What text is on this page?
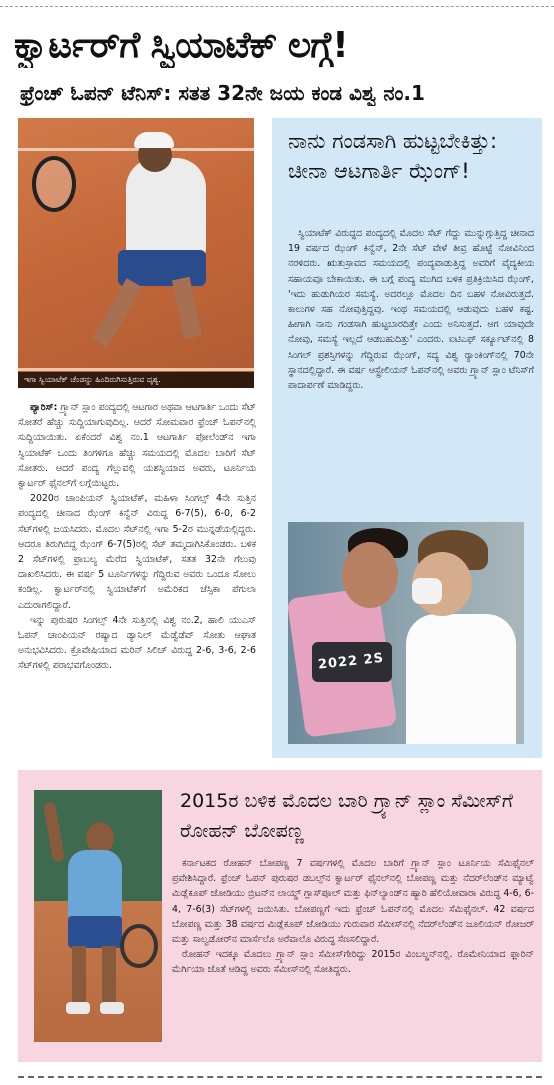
ಕ್ವಾರ್ಟರ್‌ಗೆ ಸ್ವಿಯಾಟೆಕ್ ಲಗ್ಗೆ!
ಫ್ರೆಂಚ್ ಓಪನ್ ಟೆನಿಸ್: ಸತತ 32ನೇ ಜಯ ಕಂಡ ವಿಶ್ವ ನಂ.1
ಇಗಾ ಸ್ವಿಯಾಟೆಕ್ ಚೆಂಡನ್ನು ಹಿಂದಿರುಗಿಸುತ್ತಿರುವ ದೃಶ್ಯ.

ಪ್ಯಾರಿಸ್: ಗ್ರ್ಯಾನ್ ಸ್ಲಾಂ ಪಂದ್ಯದಲ್ಲಿ ಆಟಗಾರ ಅಥವಾ ಆಟಗಾರ್ತಿ ಒಂದು ಸೆಟ್ ಸೋತರೆ ಹೆಚ್ಚು ಸುದ್ದಿಯಾಗುವುದಿಲ್ಲ. ಆದರೆ ಸೋಮವಾರ ಫ್ರೆಂಚ್ ಓಪನ್‌ನಲ್ಲಿ ಸುದ್ದಿಯಾಯಿತು. ಏಕೆಂದರೆ ವಿಶ್ವ ನಂ.1 ಆಟಗಾರ್ತಿ ಪೋಲೆಂಡ್‌ನ ಇಗಾ ಸ್ವಿಯಾಟೆಕ್ ಒಂದು ತಿಂಗಳಿಗೂ ಹೆಚ್ಚು ಸಮಯದಲ್ಲಿ ಮೊದಲ ಬಾರಿಗೆ ಸೆಟ್ ಸೋತರು. ಆದರೆ ಪಂದ್ಯ ಗೆಲ್ಲುವಲ್ಲಿ ಯಶಸ್ವಿಯಾದ ಅವರು, ಟೂರ್ನಿಯ ಕ್ವಾರ್ಟರ್ ಫೈನಲ್‌ಗೆ ಲಗ್ಗೆಯಿಟ್ಟರು.

2020ರ ಚಾಂಪಿಯನ್ ಸ್ವಿಯಾಟೆಕ್, ಮಹಿಳಾ ಸಿಂಗಲ್ಸ್ 4ನೇ ಸುತ್ತಿನ ಪಂದ್ಯದಲ್ಲಿ ಚೀನಾದ ಝೆಂಗ್ ಕಿನ್ವೆನ್ ವಿರುದ್ಧ 6-7(5), 6-0, 6-2 ಸೆಟ್‌ಗಳಲ್ಲಿ ಜಯಸಿದರು. ಮೊದಲ ಸೆಟ್‌ನಲ್ಲಿ ಇಗಾ 5-2ರ ಮುನ್ನಡೆಯಲ್ಲಿದ್ದರು. ಆದರೂ ತಿರುಗಿಬಿದ್ದ ಝೆಂಗ್ 6-7(5)ರಲ್ಲಿ ಸೆಟ್ ತಮ್ಮದಾಗಿಸಿಕೊಂಡರು. ಬಳಿಕ 2 ಸೆಟ್‌ಗಳಲ್ಲಿ ಪ್ರಾಬಲ್ಯ ಮೆರೆದ ಸ್ವಿಯಾಟೆಕ್, ಸತತ 32ನೇ ಗೆಲುವು ದಾಖಲಿಸಿದರು. ಈ ವರ್ಷ 5 ಟೂರ್ನಿಗಳನ್ನು ಗೆದ್ದಿರುವ ಅವರು ಒಂದೂ ಸೋಲು ಕಂಡಿಲ್ಲ. ಕ್ವಾರ್ಟರ್‌ನಲ್ಲಿ ಸ್ವಿಯಾಟೆಕ್‌ಗೆ ಅಮೆರಿಕದ ಜೆಸ್ಸಿಕಾ ಪೆಗುಲಾ ಎದುರಾಗಲಿದ್ದಾರೆ.

ಇನ್ನು ಪುರುಷರ ಸಿಂಗಲ್ಸ್ 4ನೇ ಸುತ್ತಿನಲ್ಲಿ ವಿಶ್ವ ನಂ.2, ಹಾಲಿ ಯುಎಸ್ ಓಪನ್ ಚಾಂಪಿಯನ್ ರಷ್ಯಾದ ಡ್ಯಾನಿಲ್ ಮೆಡ್ವೆಡೆವ್ ಸೋತು ಆಘಾತ ಅನುಭವಿಸಿದರು. ಕ್ರೊವೇಷಿಯಾದ ಮರಿನ್ ಸಿಲಿಚ್ ವಿರುದ್ಧ 2-6, 3-6, 2-6 ಸೆಟ್‌ಗಳಲ್ಲಿ ಪರಾಭವಗೊಂಡರು.

ನಾನು ಗಂಡಸಾಗಿ ಹುಟ್ಟಬೇಕಿತ್ತು: ಚೀನಾ ಆಟಗಾರ್ತಿ ಝೆಂಗ್!

ಸ್ವಿಯಾಟೆಕ್ ವಿರುದ್ಧದ ಪಂದ್ಯದಲ್ಲಿ ಮೊದಲ ಸೆಟ್ ಗೆದ್ದು ಮುನ್ನುಗ್ಗುತ್ತಿದ್ದ ಚೀನಾದ 19 ವರ್ಷದ ಝೆಂಗ್ ಕಿನ್ವೆನ್, 2ನೇ ಸೆಟ್ ವೇಳೆ ತೀವ್ರ ಹೊಟ್ಟೆ ನೋವಿನಿಂದ ನರಳಿದರು. ಋತುಸ್ರಾವದ ಸಮಯದಲ್ಲಿ ಪಂದ್ಯವಾಡುತ್ತಿದ್ದ ಅವರಿಗೆ ವೈದ್ಯಕೀಯ ಸಹಾಯವೂ ಬೇಕಾಯಿತು. ಈ ಬಗ್ಗೆ ಪಂದ್ಯ ಮುಗಿದ ಬಳಿಕ ಪ್ರತಿಕ್ರಿಯಿಸಿದ ಝೆಂಗ್, 'ಇದು ಹುಡುಗಿಯರ ಸಮಸ್ಯೆ. ಅದರಲ್ಲೂ ಮೊದಲ ದಿನ ಬಹಳ ನೋವಿರುತ್ತದೆ. ಕಾಲುಗಳ ಸಹ ನೋವುತ್ತಿದ್ದವು. ಇಂಥ ಸಮಯದಲ್ಲಿ ಆಡುವುದು ಬಹಳ ಕಷ್ಟ. ಹೀಗಾಗಿ ನಾನು ಗಂಡಸಾಗಿ ಹುಟ್ಟಬಾರದಿತ್ತೇ ಎಂದು ಅನಿಸುತ್ತದೆ. ಆಗ ಯಾವುದೇ ನೋವು, ಸಮಸ್ಯೆ ಇಲ್ಲದೆ ಆಡಬಹುದಿತ್ತು' ಎಂದರು. ಐಟಿಎಫ್ ಸರ್ಕ್ಯೂಟ್‌ನಲ್ಲಿ 8 ಸಿಂಗಲ್ ಪ್ರಶಸ್ತಿಗಳನ್ನು ಗೆದ್ದಿರುವ ಝೆಂಗ್, ಸದ್ಯ ವಿಶ್ವ ರ್‍ಯಾಂಕಿಂಗ್‌ನಲ್ಲಿ 70ನೇ ಸ್ಥಾನದಲ್ಲಿದ್ದಾರೆ. ಈ ವರ್ಷ ಆಸ್ಟ್ರೇಲಿಯನ್ ಓಪನ್‌ನಲ್ಲಿ ಅವರು ಗ್ರ್ಯಾನ್ ಸ್ಲಾಂ ಟೆನಿಸ್‌ಗೆ ಪಾದಾರ್ಪಣೆ ಮಾಡಿದ್ದರು.

2022 2S
2015ರ ಬಳಿಕ ಮೊದಲ ಬಾರಿ ಗ್ರ್ಯಾನ್ ಸ್ಲಾಂ ಸೆಮೀಸ್‌ಗೆ ರೋಹನ್ ಬೋಪಣ್ಣ

ಕರ್ನಾಟಕದ ರೋಹನ್ ಬೋಪಣ್ಣ 7 ವರ್ಷಗಳಲ್ಲಿ ಮೊದಲ ಬಾರಿಗೆ ಗ್ರ್ಯಾನ್ ಸ್ಲಾಂ ಟೂರ್ನಿಯ ಸೆಮಿಫೈನಲ್ ಪ್ರವೇಶಿಸಿದ್ದಾರೆ. ಫ್ರೆಂಚ್ ಓಪನ್ ಪುರುಷರ ಡಬಲ್ಸ್‌ನ ಕ್ವಾರ್ಟರ್ ಫೈನಲ್‌ನಲ್ಲಿ ಬೋಪಣ್ಣ ಮತ್ತು ನೆದರ್‌ಲೆಂಡ್‌ನ ಮ್ಯಾಟ್ವೆ ಮಿಡ್ಲೆಕೂಪ್ ಜೋಡಿಯು ಬ್ರಿಟನ್‌ನ ಲಾಯ್ಡ್ ಗ್ಲಾಸ್‌ಪೂಲ್ ಮತ್ತು ಫಿನ್‌ಲ್ಯಾಂಡ್‌ನ ಹ್ಯಾರಿ ಹೆಲಿಯೋವಾರಾ ವಿರುದ್ಧ 4-6, 6-4, 7-6(3) ಸೆಟ್‌ಗಳಲ್ಲಿ ಜಯಿಸಿತು. ಬೋಪಣ್ಣಗೆ ಇದು ಫ್ರೆಂಚ್ ಓಪನ್‌ನಲ್ಲಿ ಮೊದಲ ಸೆಮಿಫೈನಲ್. 42 ವರ್ಷದ ಬೋಪಣ್ಣ ಮತ್ತು 38 ವರ್ಷದ ಮಿಡ್ಲೆಕೂಪ್ ಜೋಡಿಯು ಗುರುವಾರ ಸೆಮೀಸ್‌ನಲ್ಲಿ ನೆದರ್‌ಲೆಂಡ್‌ನ ಜೂಲಿಯನ್ ರೋಜರ್ ಮತ್ತು ಸಾಲ್ವಡೋರ್‌ನ ಮಾರ್ಸೆಲೊ ಅರೆವಾಲೊ ವಿರುದ್ಧ ಸೆಣಸಲಿದ್ದಾರೆ.

ರೋಹನ್ ಇದಕ್ಕೂ ಮೊದಲು ಗ್ರ್ಯಾನ್ ಸ್ಲಾಂ ಸೆಮೀಸ್‌ಗೇರಿದ್ದು 2015ರ ವಿಂಬಲ್ಡನ್‌ನಲ್ಲಿ. ರೊಮೇನಿಯಾದ ಫ್ಲಾರಿನ್ ಮೆರ್ಗಿಯಾ ಜೊತೆ ಆಡಿದ್ದ ಅವರು ಸೆಮೀಸ್‌ನಲ್ಲಿ ಸೋತಿದ್ದರು.
